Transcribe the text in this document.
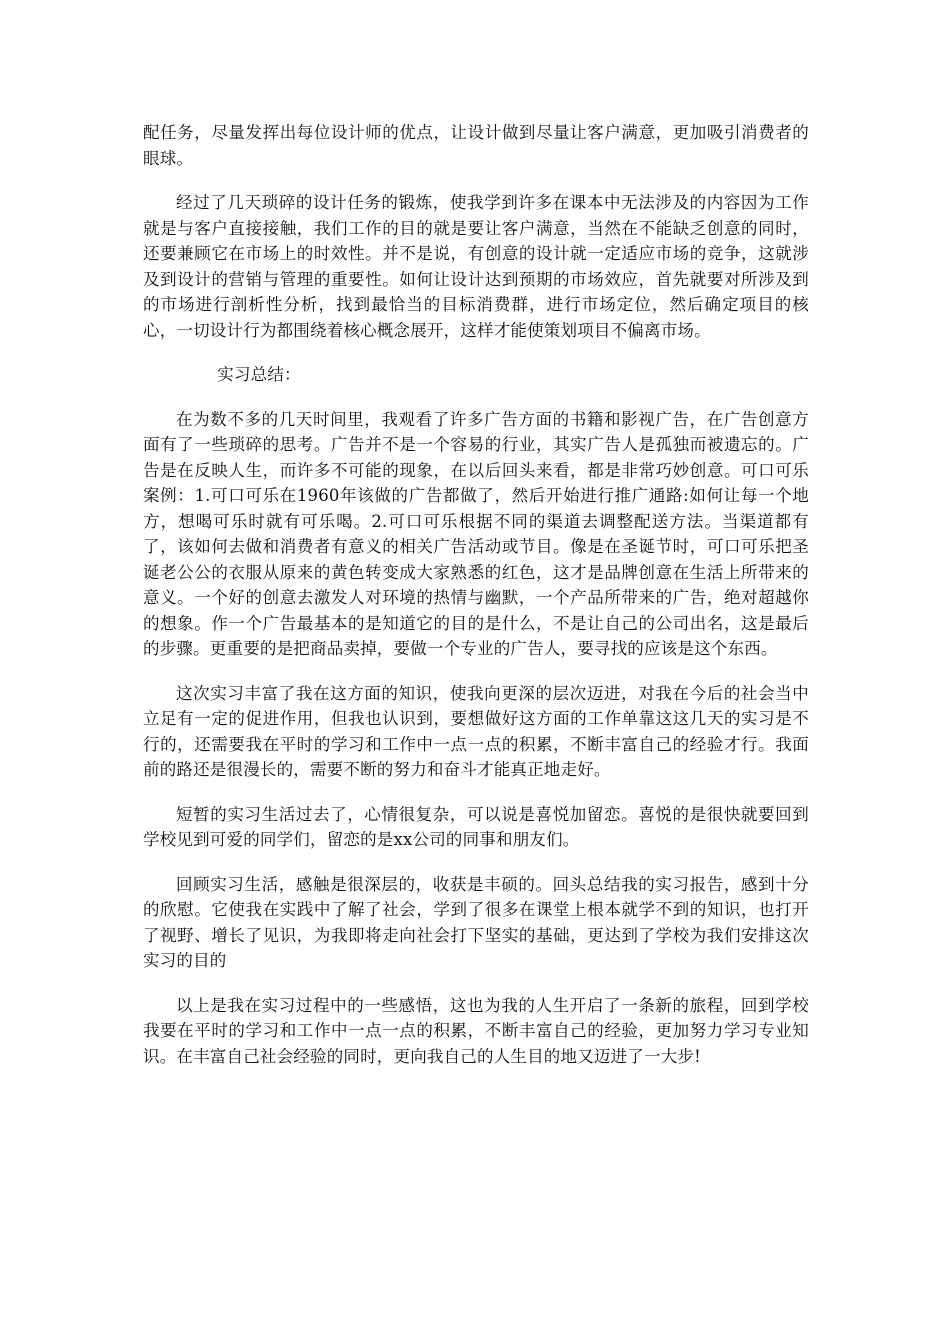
配任务，尽量发挥出每位设计师的优点，让设计做到尽量让客户满意，更加吸引消费者的眼球。

经过了几天琐碎的设计任务的锻炼，使我学到许多在课本中无法涉及的内容因为工作就是与客户直接接触，我们工作的目的就是要让客户满意，当然在不能缺乏创意的同时，还要兼顾它在市场上的时效性。并不是说，有创意的设计就一定适应市场的竞争，这就涉及到设计的营销与管理的重要性。如何让设计达到预期的市场效应，首先就要对所涉及到的市场进行剖析性分析，找到最恰当的目标消费群，进行市场定位，然后确定项目的核心，一切设计行为都围绕着核心概念展开，这样才能使策划项目不偏离市场。

实习总结：

在为数不多的几天时间里，我观看了许多广告方面的书籍和影视广告，在广告创意方面有了一些琐碎的思考。广告并不是一个容易的行业，其实广告人是孤独而被遗忘的。广告是在反映人生，而许多不可能的现象，在以后回头来看，都是非常巧妙创意。可口可乐案例：1.可口可乐在1960年该做的广告都做了，然后开始进行推广通路:如何让每一个地方，想喝可乐时就有可乐喝。2.可口可乐根据不同的渠道去调整配送方法。当渠道都有了，该如何去做和消费者有意义的相关广告活动或节目。像是在圣诞节时，可口可乐把圣诞老公公的衣服从原来的黄色转变成大家熟悉的红色，这才是品牌创意在生活上所带来的意义。一个好的创意去激发人对环境的热情与幽默，一个产品所带来的广告，绝对超越你的想象。作一个广告最基本的是知道它的目的是什么，不是让自己的公司出名，这是最后的步骤。更重要的是把商品卖掉，要做一个专业的广告人，要寻找的应该是这个东西。

这次实习丰富了我在这方面的知识，使我向更深的层次迈进，对我在今后的社会当中立足有一定的促进作用，但我也认识到，要想做好这方面的工作单靠这这几天的实习是不行的，还需要我在平时的学习和工作中一点一点的积累，不断丰富自己的经验才行。我面前的路还是很漫长的，需要不断的努力和奋斗才能真正地走好。

短暂的实习生活过去了，心情很复杂，可以说是喜悦加留恋。喜悦的是很快就要回到学校见到可爱的同学们，留恋的是xx公司的同事和朋友们。

回顾实习生活，感触是很深层的，收获是丰硕的。回头总结我的实习报告，感到十分的欣慰。它使我在实践中了解了社会，学到了很多在课堂上根本就学不到的知识，也打开了视野、增长了见识，为我即将走向社会打下坚实的基础，更达到了学校为我们安排这次实习的目的

以上是我在实习过程中的一些感悟，这也为我的人生开启了一条新的旅程，回到学校我要在平时的学习和工作中一点一点的积累，不断丰富自己的经验，更加努力学习专业知识。在丰富自己社会经验的同时，更向我自己的人生目的地又迈进了一大步!
